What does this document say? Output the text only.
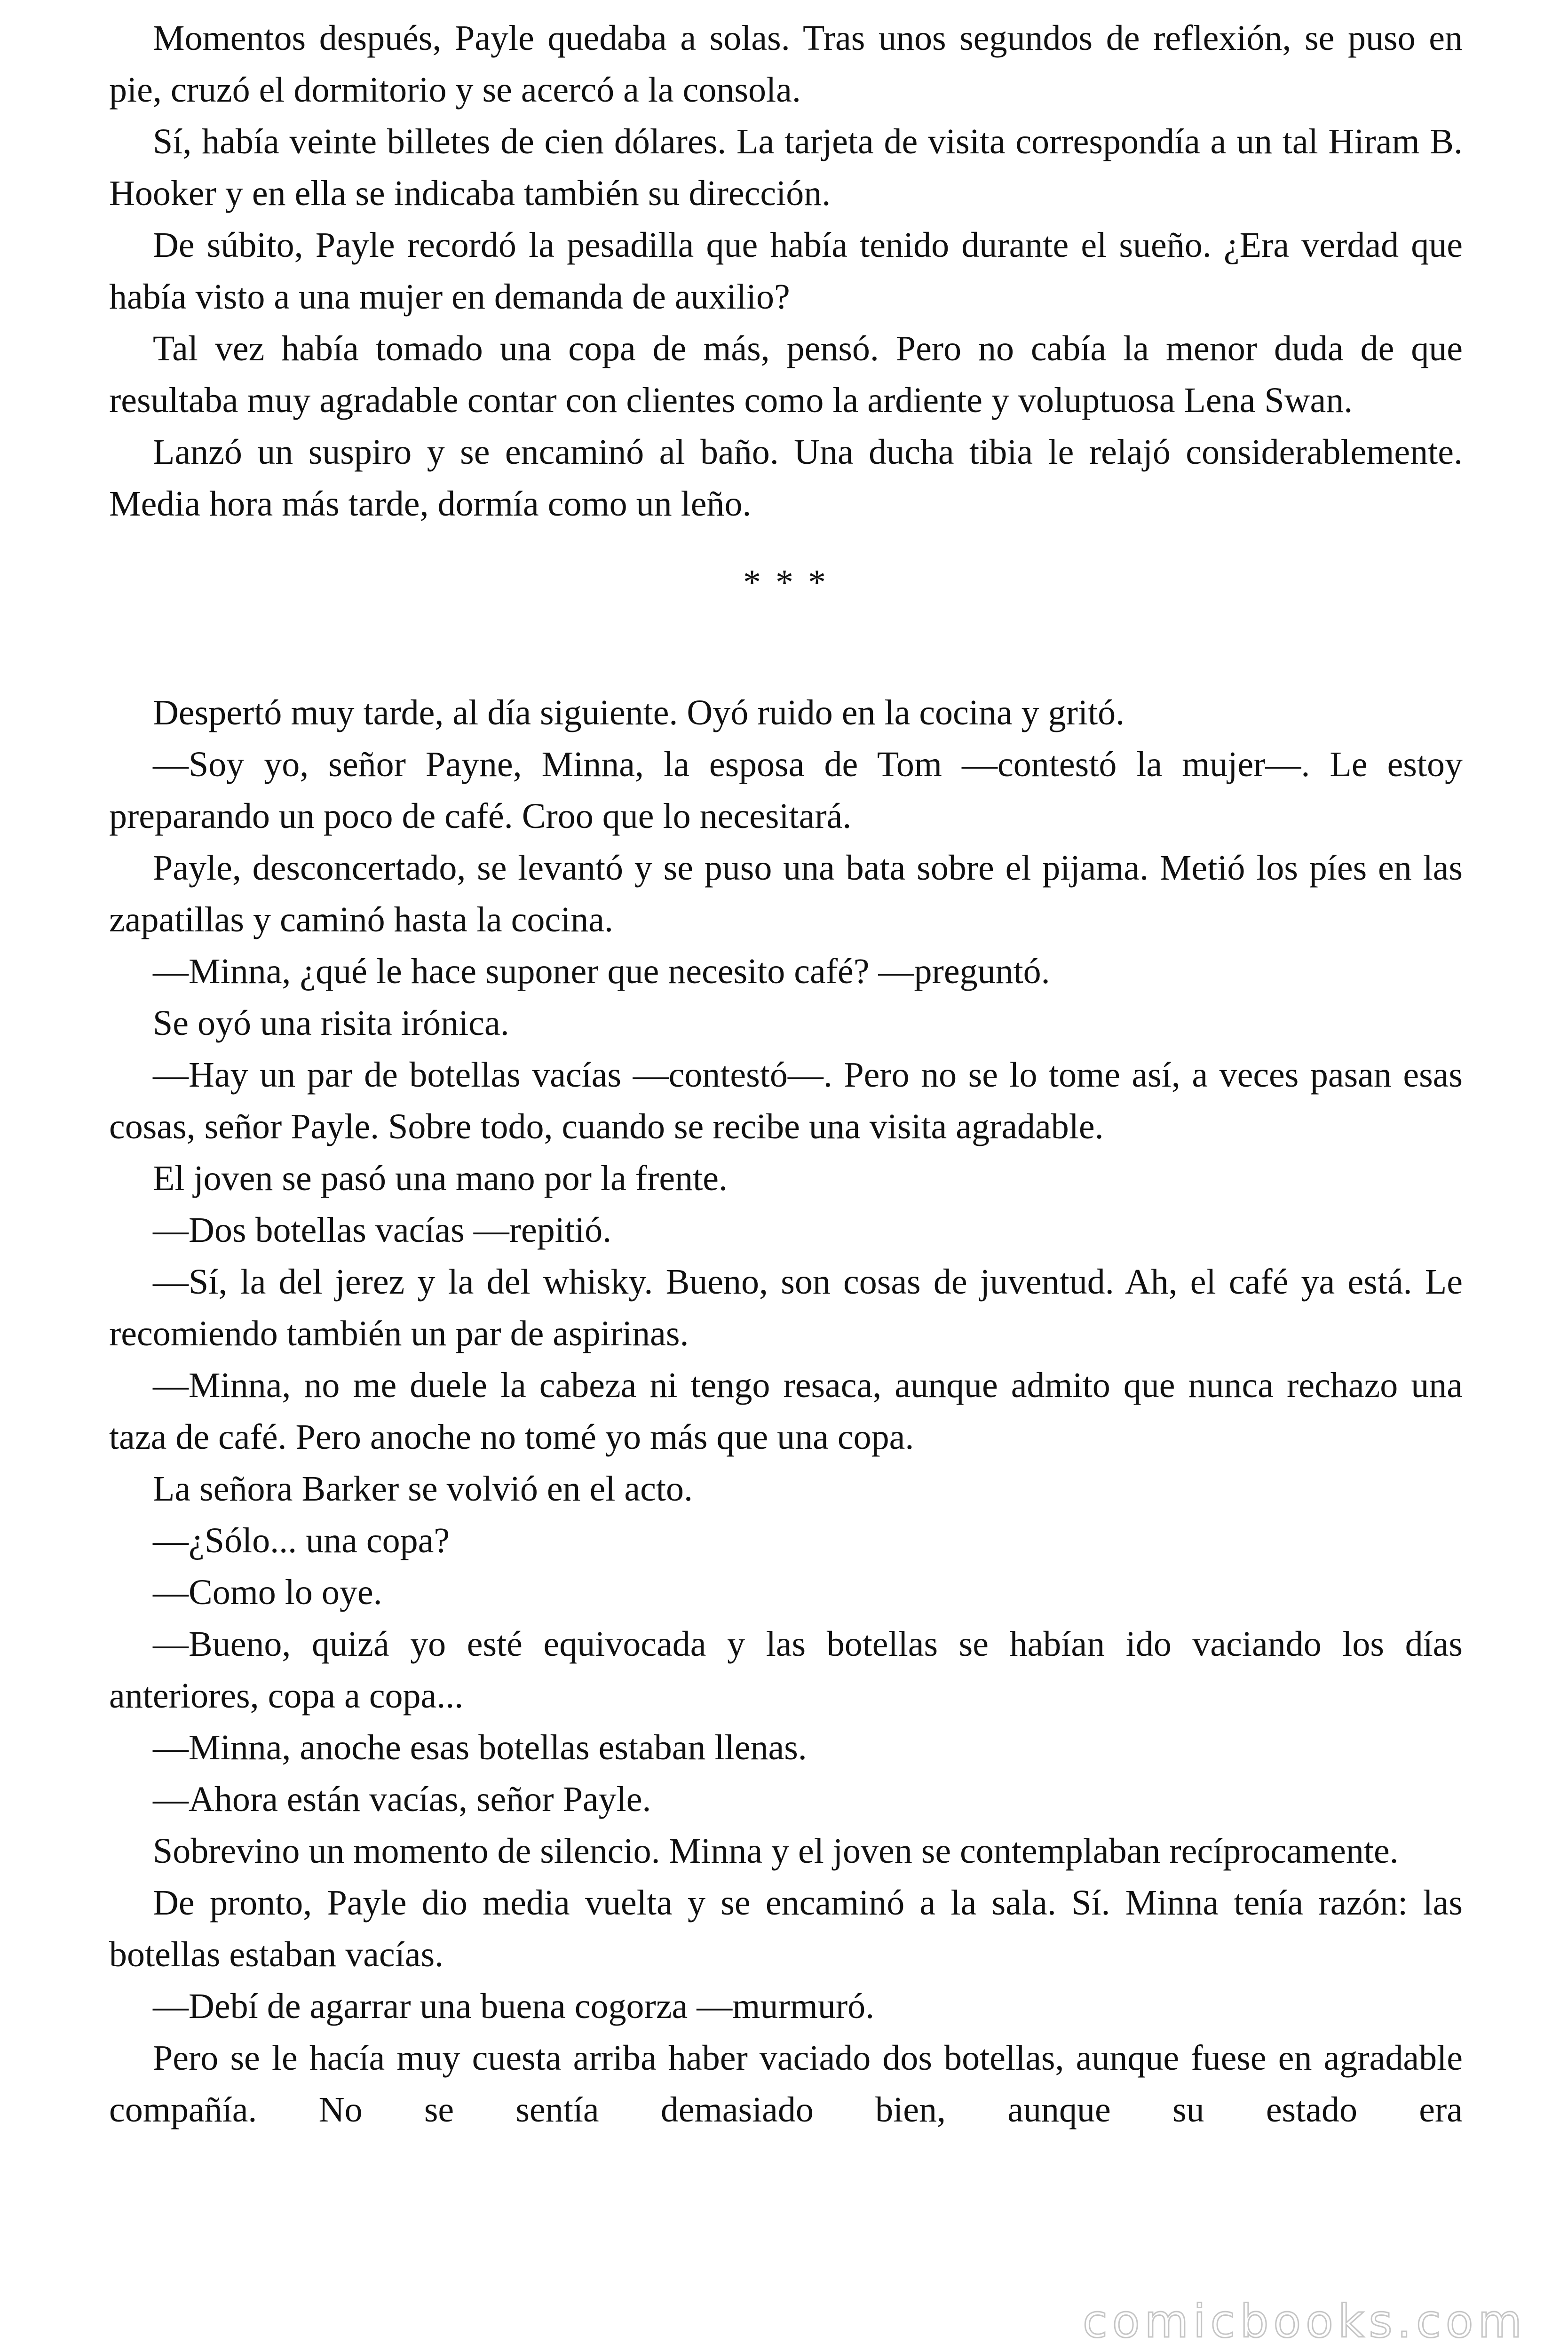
Momentos después, Payle quedaba a solas. Tras unos segundos de reflexión, se puso en pie, cruzó el dormitorio y se acercó a la consola.

Sí, había veinte billetes de cien dólares. La tarjeta de visita correspondía a un tal Hiram B. Hooker y en ella se indicaba también su dirección.

De súbito, Payle recordó la pesadilla que había tenido durante el sueño. ¿Era verdad que había visto a una mujer en demanda de auxilio?

Tal vez había tomado una copa de más, pensó. Pero no cabía la menor duda de que resultaba muy agradable contar con clientes como la ardiente y voluptuosa Lena Swan.

Lanzó un suspiro y se encaminó al baño. Una ducha tibia le relajó considerablemente. Media hora más tarde, dormía como un leño.

* * *

Despertó muy tarde, al día siguiente. Oyó ruido en la cocina y gritó.

—Soy yo, señor Payne, Minna, la esposa de Tom —contestó la mujer—. Le estoy preparando un poco de café. Croo que lo necesitará.

Payle, desconcertado, se levantó y se puso una bata sobre el pijama. Metió los píes en las zapatillas y caminó hasta la cocina.

—Minna, ¿qué le hace suponer que necesito café? —preguntó.

Se oyó una risita irónica.

—Hay un par de botellas vacías —contestó—. Pero no se lo tome así, a veces pasan esas cosas, señor Payle. Sobre todo, cuando se recibe una visita agradable.

El joven se pasó una mano por la frente.

—Dos botellas vacías —repitió.

—Sí, la del jerez y la del whisky. Bueno, son cosas de juventud. Ah, el café ya está. Le recomiendo también un par de aspirinas.

—Minna, no me duele la cabeza ni tengo resaca, aunque admito que nunca rechazo una taza de café. Pero anoche no tomé yo más que una copa.

La señora Barker se volvió en el acto.

—¿Sólo... una copa?

—Como lo oye.

—Bueno, quizá yo esté equivocada y las botellas se habían ido vaciando los días anteriores, copa a copa...

—Minna, anoche esas botellas estaban llenas.

—Ahora están vacías, señor Payle.

Sobrevino un momento de silencio. Minna y el joven se contemplaban recíprocamente.

De pronto, Payle dio media vuelta y se encaminó a la sala. Sí. Minna tenía razón: las botellas estaban vacías.

—Debí de agarrar una buena cogorza —murmuró.

Pero se le hacía muy cuesta arriba haber vaciado dos botellas, aunque fuese en agradable compañía. No se sentía demasiado bien, aunque su estado era

comicbooks.com
